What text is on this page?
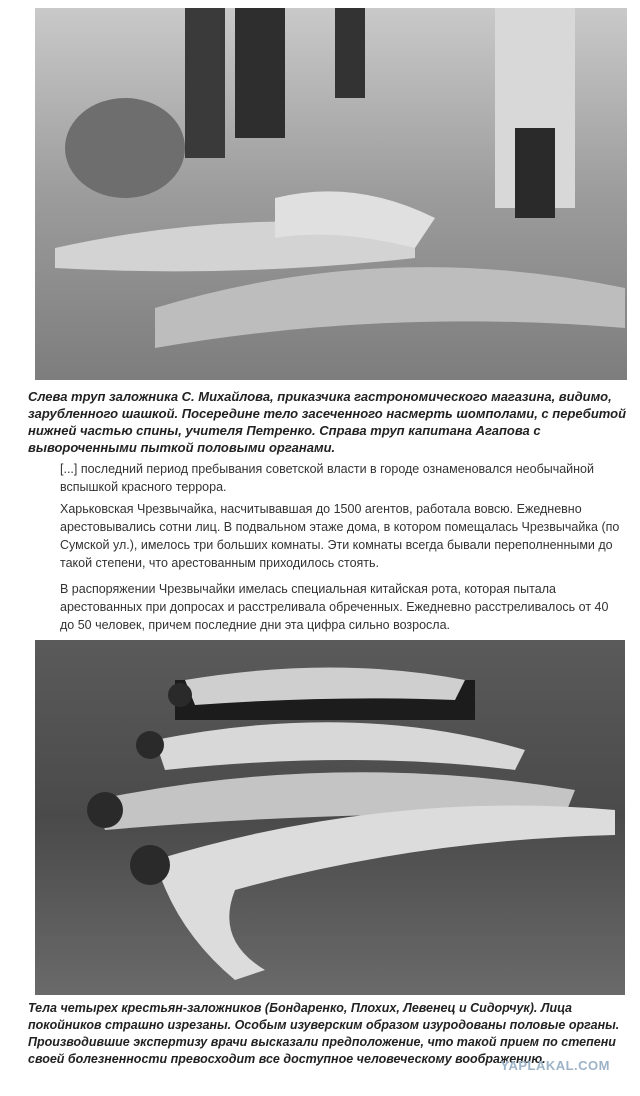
Слева труп заложника С. Михайлова, приказчика гастрономического магазина, видимо, зарубленного шашкой. Посередине тело засеченного насмерть шомполами, с перебитой нижней частью спины, учителя Петренко. Справа труп капитана Агапова с вывороченными пыткой половыми органами.
[...] последний период пребывания советской власти в городе ознаменовался необычайной вспышкой красного террора.
Харьковская Чрезвычайка, насчитывавшая до 1500 агентов, работала вовсю. Ежедневно арестовывались сотни лиц. В подвальном этаже дома, в котором помещалась Чрезвычайка (по Сумской ул.), имелось три больших комнаты. Эти комнаты всегда бывали переполненными до такой степени, что арестованным приходилось стоять.
В распоряжении Чрезвычайки имелась специальная китайская рота, которая пытала арестованных при допросах и расстреливала обреченных. Ежедневно расстреливалось от 40 до 50 человек, причем последние дни эта цифра сильно возросла.
Тела четырех крестьян-заложников (Бондаренко, Плохих, Левенец и Сидорчук). Лица покойников страшно изрезаны. Особым изуверским образом изуродованы половые органы. Производившие экспертизу врачи высказали предположение, что такой прием по степени своей болезненности превосходит все доступное человеческому воображению.
YAPLAKAL.COM
